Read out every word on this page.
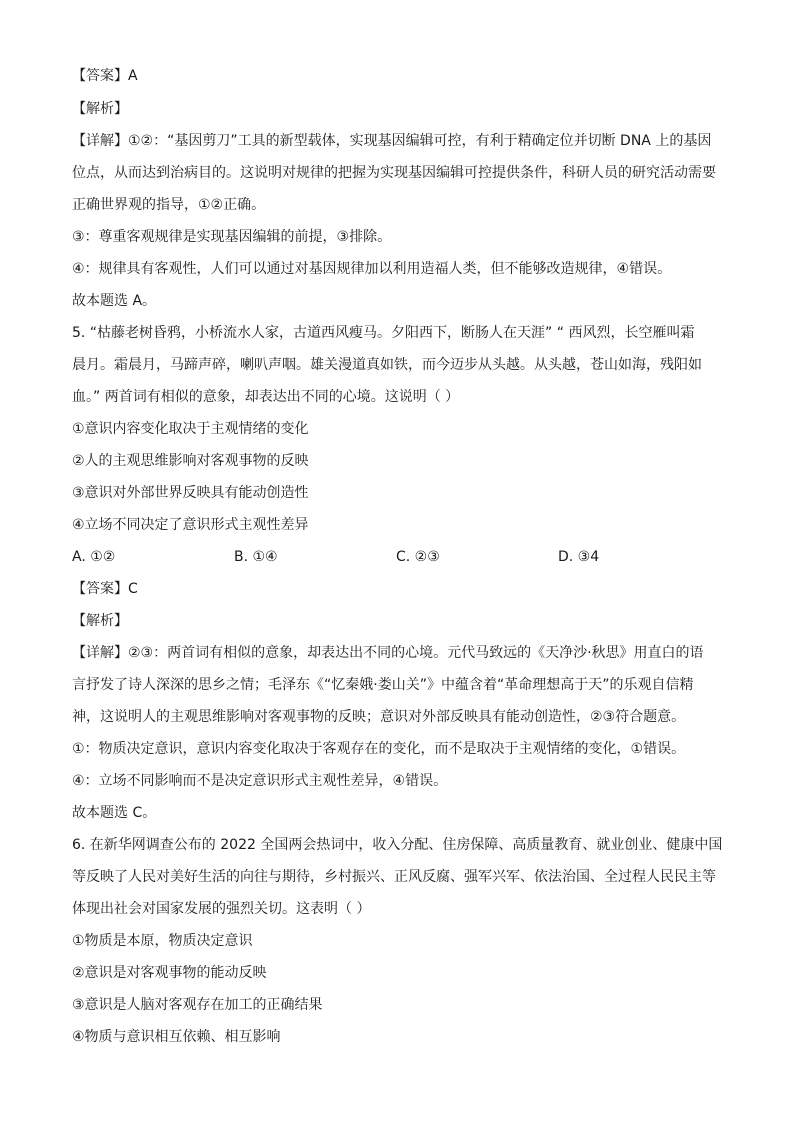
【答案】A
【解析】
【详解】①②：“基因剪刀”工具的新型载体，实现基因编辑可控，有利于精确定位并切断 DNA 上的基因
位点，从而达到治病目的。这说明对规律的把握为实现基因编辑可控提供条件，科研人员的研究活动需要
正确世界观的指导，①②正确。
③：尊重客观规律是实现基因编辑的前提，③排除。
④：规律具有客观性，人们可以通过对基因规律加以利用造福人类，但不能够改造规律，④错误。
故本题选 A。
5. “枯藤老树昏鸦，小桥流水人家，古道西风瘦马。夕阳西下，断肠人在天涯” “ 西风烈，长空雁叫霜
晨月。霜晨月，马蹄声碎，喇叭声咽。雄关漫道真如铁，而今迈步从头越。从头越，苍山如海，残阳如
血。” 两首词有相似的意象，却表达出不同的心境。这说明（ ）
①意识内容变化取决于主观情绪的变化
②人的主观思维影响对客观事物的反映
③意识对外部世界反映具有能动创造性
④立场不同决定了意识形式主观性差异
A. ①②	B. ①④	C. ②③	D. ③4
【答案】C
【解析】
【详解】②③：两首词有相似的意象，却表达出不同的心境。元代马致远的《天净沙·秋思》用直白的语
言抒发了诗人深深的思乡之情；毛泽东《“忆秦娥·娄山关”》中蕴含着“革命理想高于天”的乐观自信精
神，这说明人的主观思维影响对客观事物的反映；意识对外部反映具有能动创造性，②③符合题意。
①：物质决定意识，意识内容变化取决于客观存在的变化，而不是取决于主观情绪的变化，①错误。
④：立场不同影响而不是决定意识形式主观性差异，④错误。
故本题选 C。
6. 在新华网调查公布的 2022 全国两会热词中，收入分配、住房保障、高质量教育、就业创业、健康中国
等反映了人民对美好生活的向往与期待，乡村振兴、正风反腐、强军兴军、依法治国、全过程人民民主等
体现出社会对国家发展的强烈关切。这表明（ ）
①物质是本原，物质决定意识
②意识是对客观事物的能动反映
③意识是人脑对客观存在加工的正确结果
④物质与意识相互依赖、相互影响
